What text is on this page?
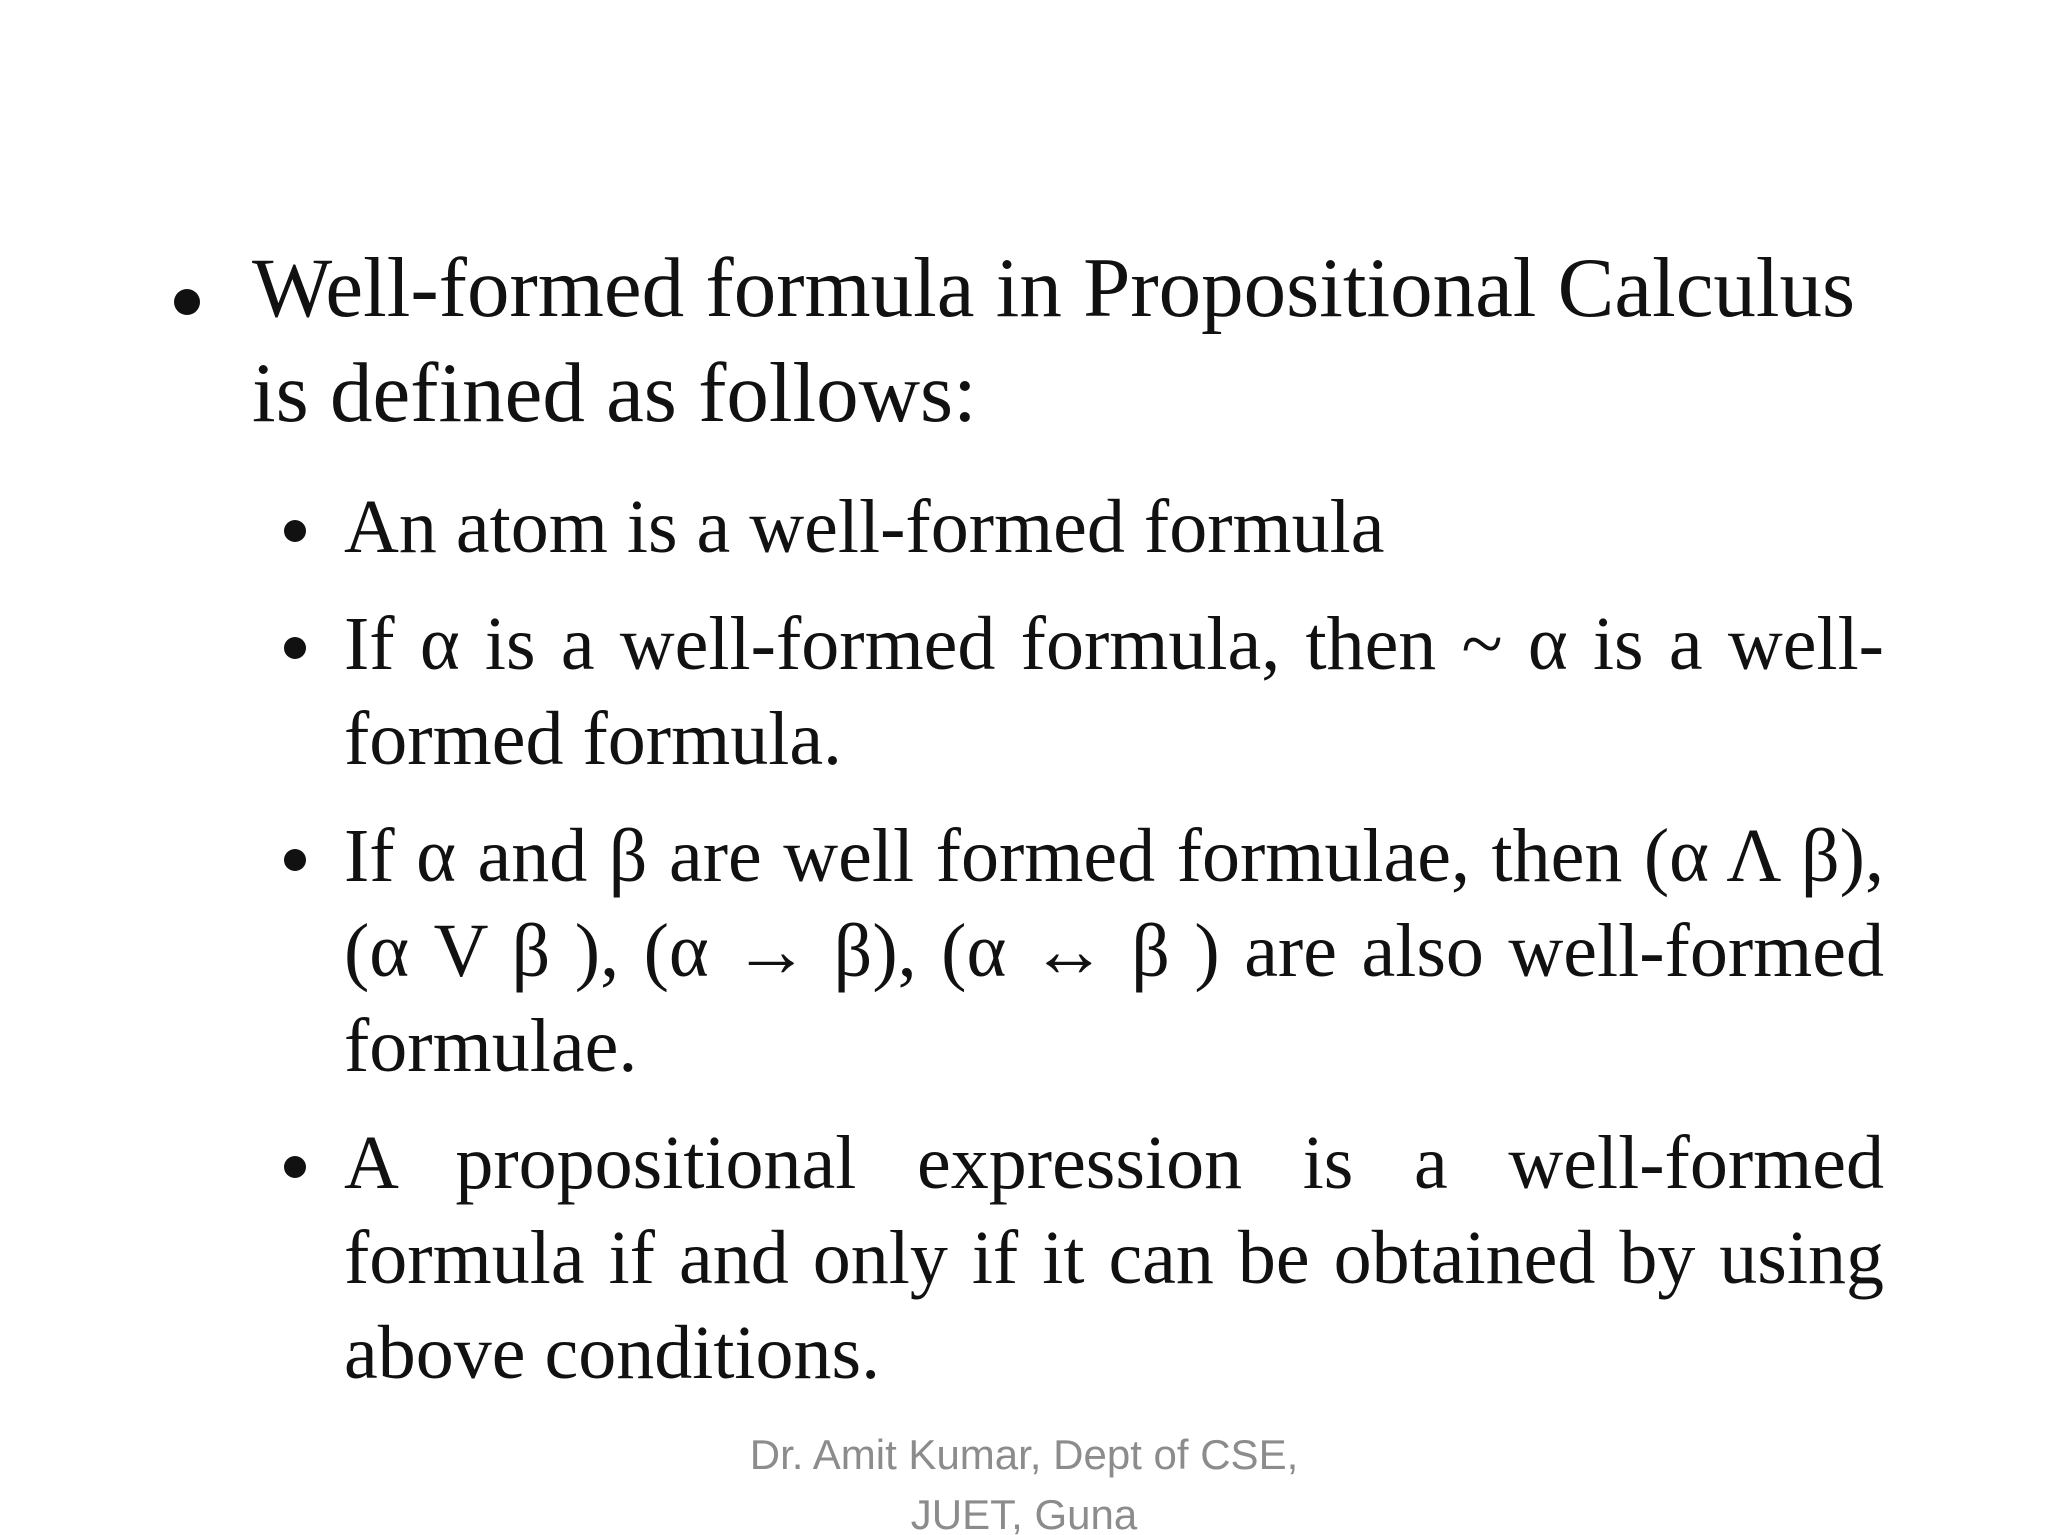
Well-formed formula in Propositional Calculus is defined as follows:
An atom is a well-formed formula
If α is a well-formed formula, then ~ α is a well-formed formula.
If α and β are well formed formulae, then (α Λ β), (α V β ), (α → β), (α ↔ β ) are also well-formed formulae.
A propositional expression is a well-formed formula if and only if it can be obtained by using above conditions.
Dr. Amit Kumar, Dept of CSE,
JUET, Guna
